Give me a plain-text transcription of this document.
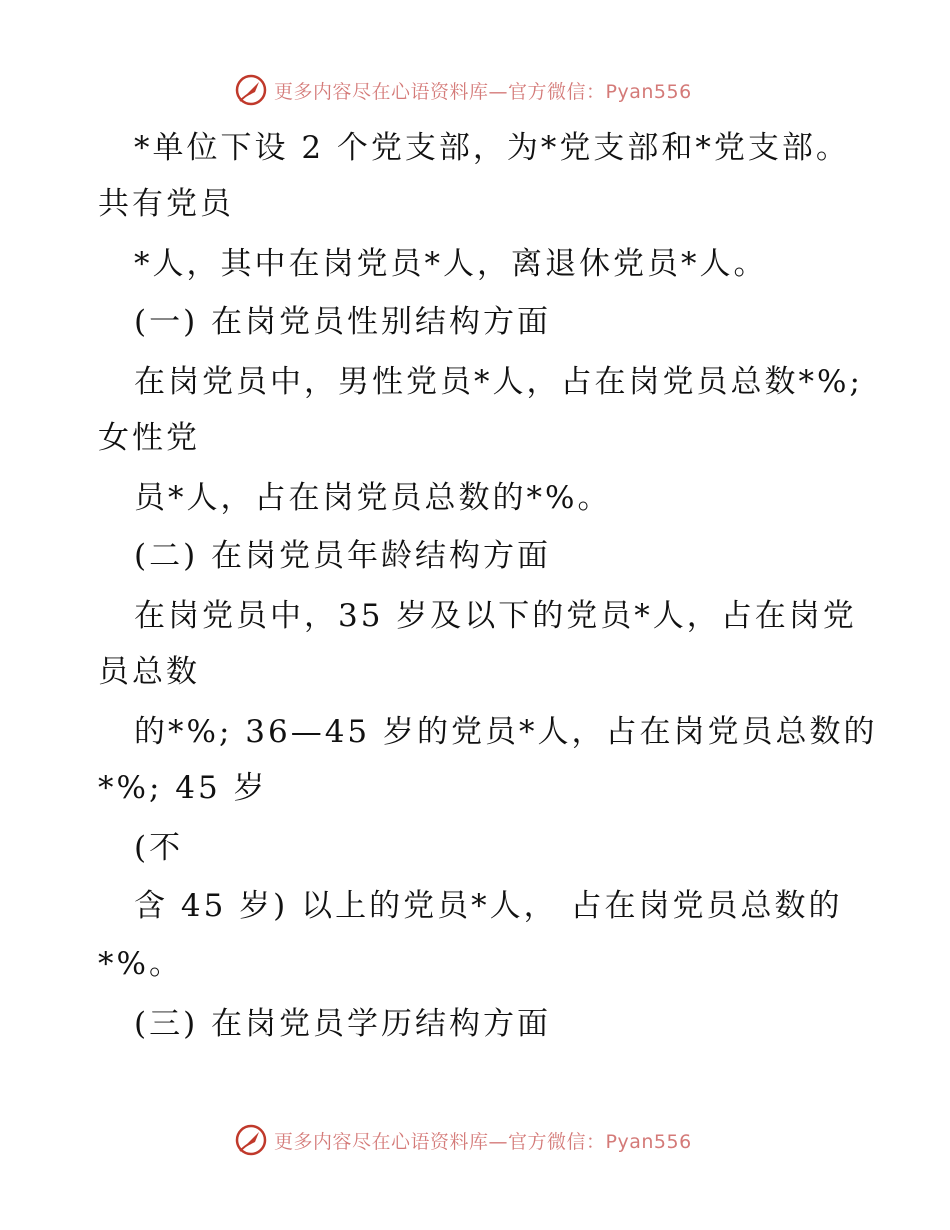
更多内容尽在心语资料库—官方微信：Pyan556
*单位下设 2 个党支部，为*党支部和*党支部。
共有党员
*人，其中在岗党员*人，离退休党员*人。
(一) 在岗党员性别结构方面
在岗党员中，男性党员*人，占在岗党员总数*%;
女性党
员*人，占在岗党员总数的*%。
(二) 在岗党员年龄结构方面
在岗党员中，35 岁及以下的党员*人，占在岗党
员总数
的*%; 36—45 岁的党员*人，占在岗党员总数的
*%; 45 岁
(不
含 45 岁) 以上的党员*人， 占在岗党员总数的
*%。
(三) 在岗党员学历结构方面
更多内容尽在心语资料库—官方微信：Pyan556
